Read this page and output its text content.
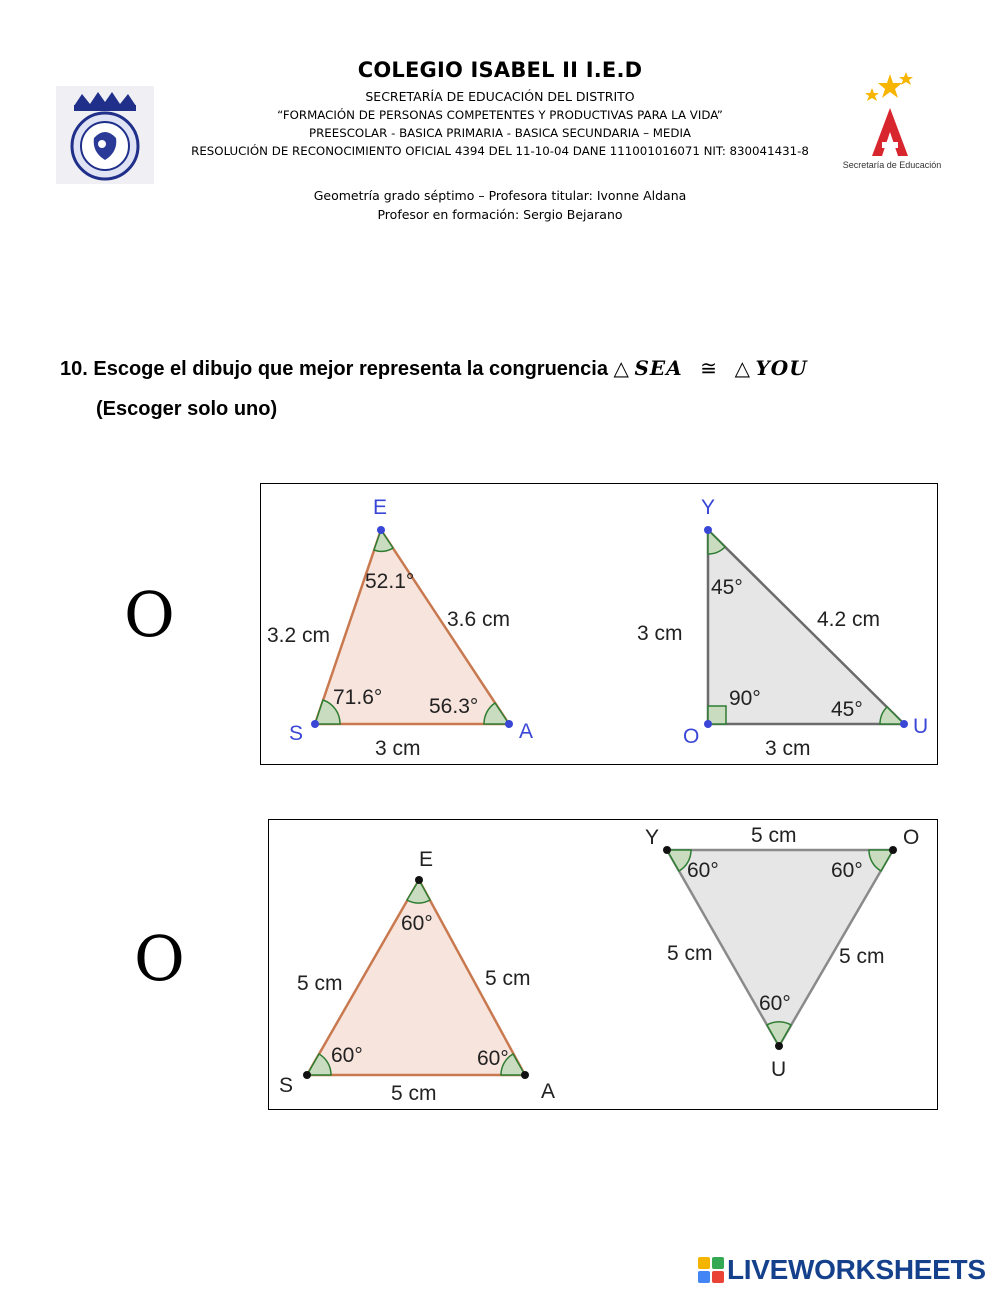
Secretaría de Educación
COLEGIO ISABEL II I.E.D
SECRETARÍA DE EDUCACIÓN DEL DISTRITO
“FORMACIÓN DE PERSONAS COMPETENTES Y PRODUCTIVAS PARA LA VIDA”
PREESCOLAR - BASICA PRIMARIA - BASICA SECUNDARIA – MEDIA
RESOLUCIÓN DE RECONOCIMIENTO OFICIAL 4394 DEL 11-10-04 DANE 111001016071 NIT: 830041431-8
Geometría grado séptimo – Profesora titular: Ivonne Aldana
Profesor en formación: Sergio Bejarano
10. Escoge el dibujo que mejor representa la congruencia △ SEA ≅ △ YOU
(Escoger solo uno)
O
E
S	A
52.1°
71.6° 56.3°
3.2 cm
3.6 cm
3 cm
Y
O	U
45°
90°	45°
3 cm
4.2 cm
3 cm
O
E
S	A
60°
60°	60°
5 cm	5 cm
5 cm
Y	O
U
60°	60°
60°
5 cm
5 cm	5 cm
LIVEWORKSHEETS
